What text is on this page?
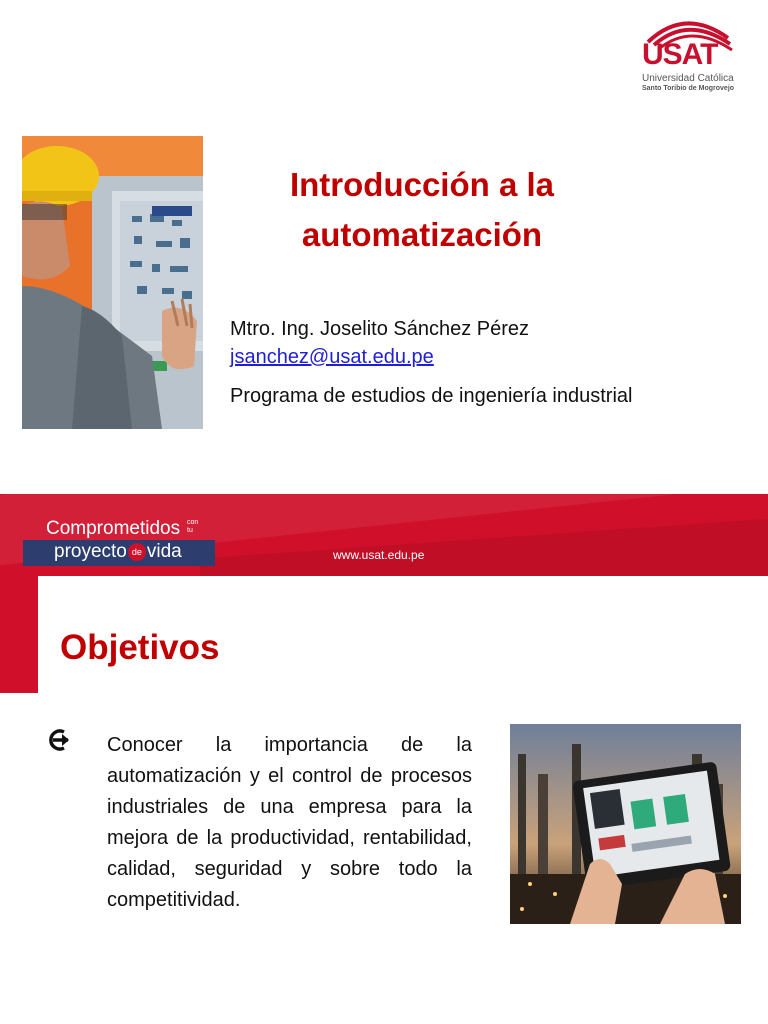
USAT
Universidad Católica
Santo Toribio de Mogrovejo
Introducción a la automatización
Mtro. Ing. Joselito Sánchez Pérez
jsanchez@usat.edu.pe
Programa de estudios de ingeniería industrial
Comprometidos con
tu
proyecto de vida	www.usat.edu.pe
Objetivos
Conocer la importancia de la automatización y el control de procesos industriales de una empresa para la mejora de la productividad, rentabilidad, calidad, seguridad y sobre todo la competitividad.
